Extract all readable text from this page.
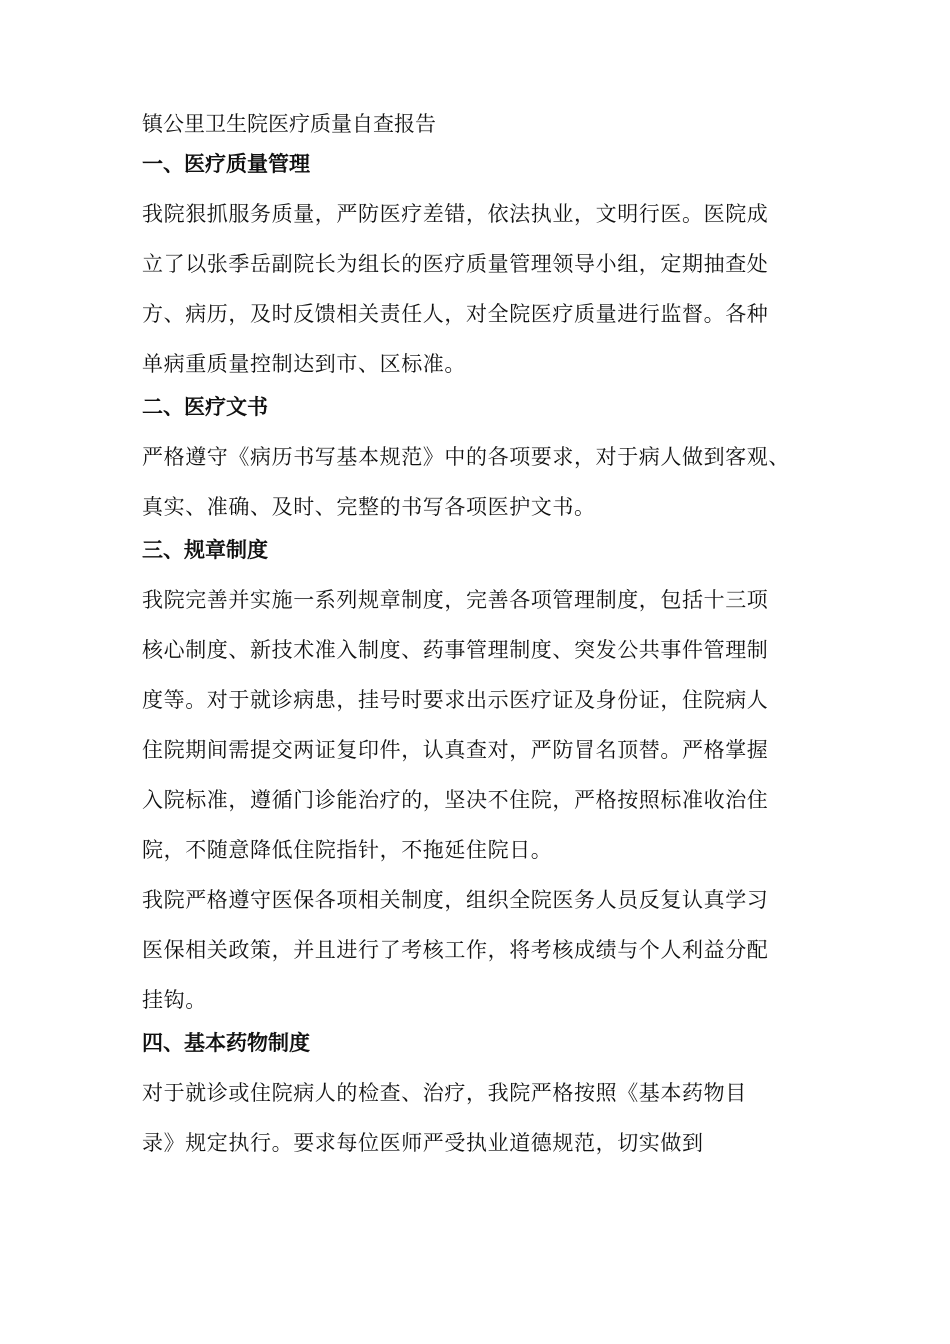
镇公里卫生院医疗质量自查报告
一、医疗质量管理

我院狠抓服务质量，严防医疗差错，依法执业，文明行医。医院成
立了以张季岳副院长为组长的医疗质量管理领导小组，定期抽查处
方、病历，及时反馈相关责任人，对全院医疗质量进行监督。各种
单病重质量控制达到市、区标准。

二、医疗文书

严格遵守《病历书写基本规范》中的各项要求，对于病人做到客观、
真实、准确、及时、完整的书写各项医护文书。

三、规章制度

我院完善并实施一系列规章制度，完善各项管理制度，包括十三项
核心制度、新技术准入制度、药事管理制度、突发公共事件管理制
度等。对于就诊病患，挂号时要求出示医疗证及身份证，住院病人
住院期间需提交两证复印件，认真查对，严防冒名顶替。严格掌握
入院标准，遵循门诊能治疗的，坚决不住院，严格按照标准收治住
院，不随意降低住院指针，不拖延住院日。

我院严格遵守医保各项相关制度，组织全院医务人员反复认真学习
医保相关政策，并且进行了考核工作，将考核成绩与个人利益分配
挂钩。

四、基本药物制度

对于就诊或住院病人的检查、治疗，我院严格按照《基本药物目
录》规定执行。要求每位医师严受执业道德规范，切实做到
